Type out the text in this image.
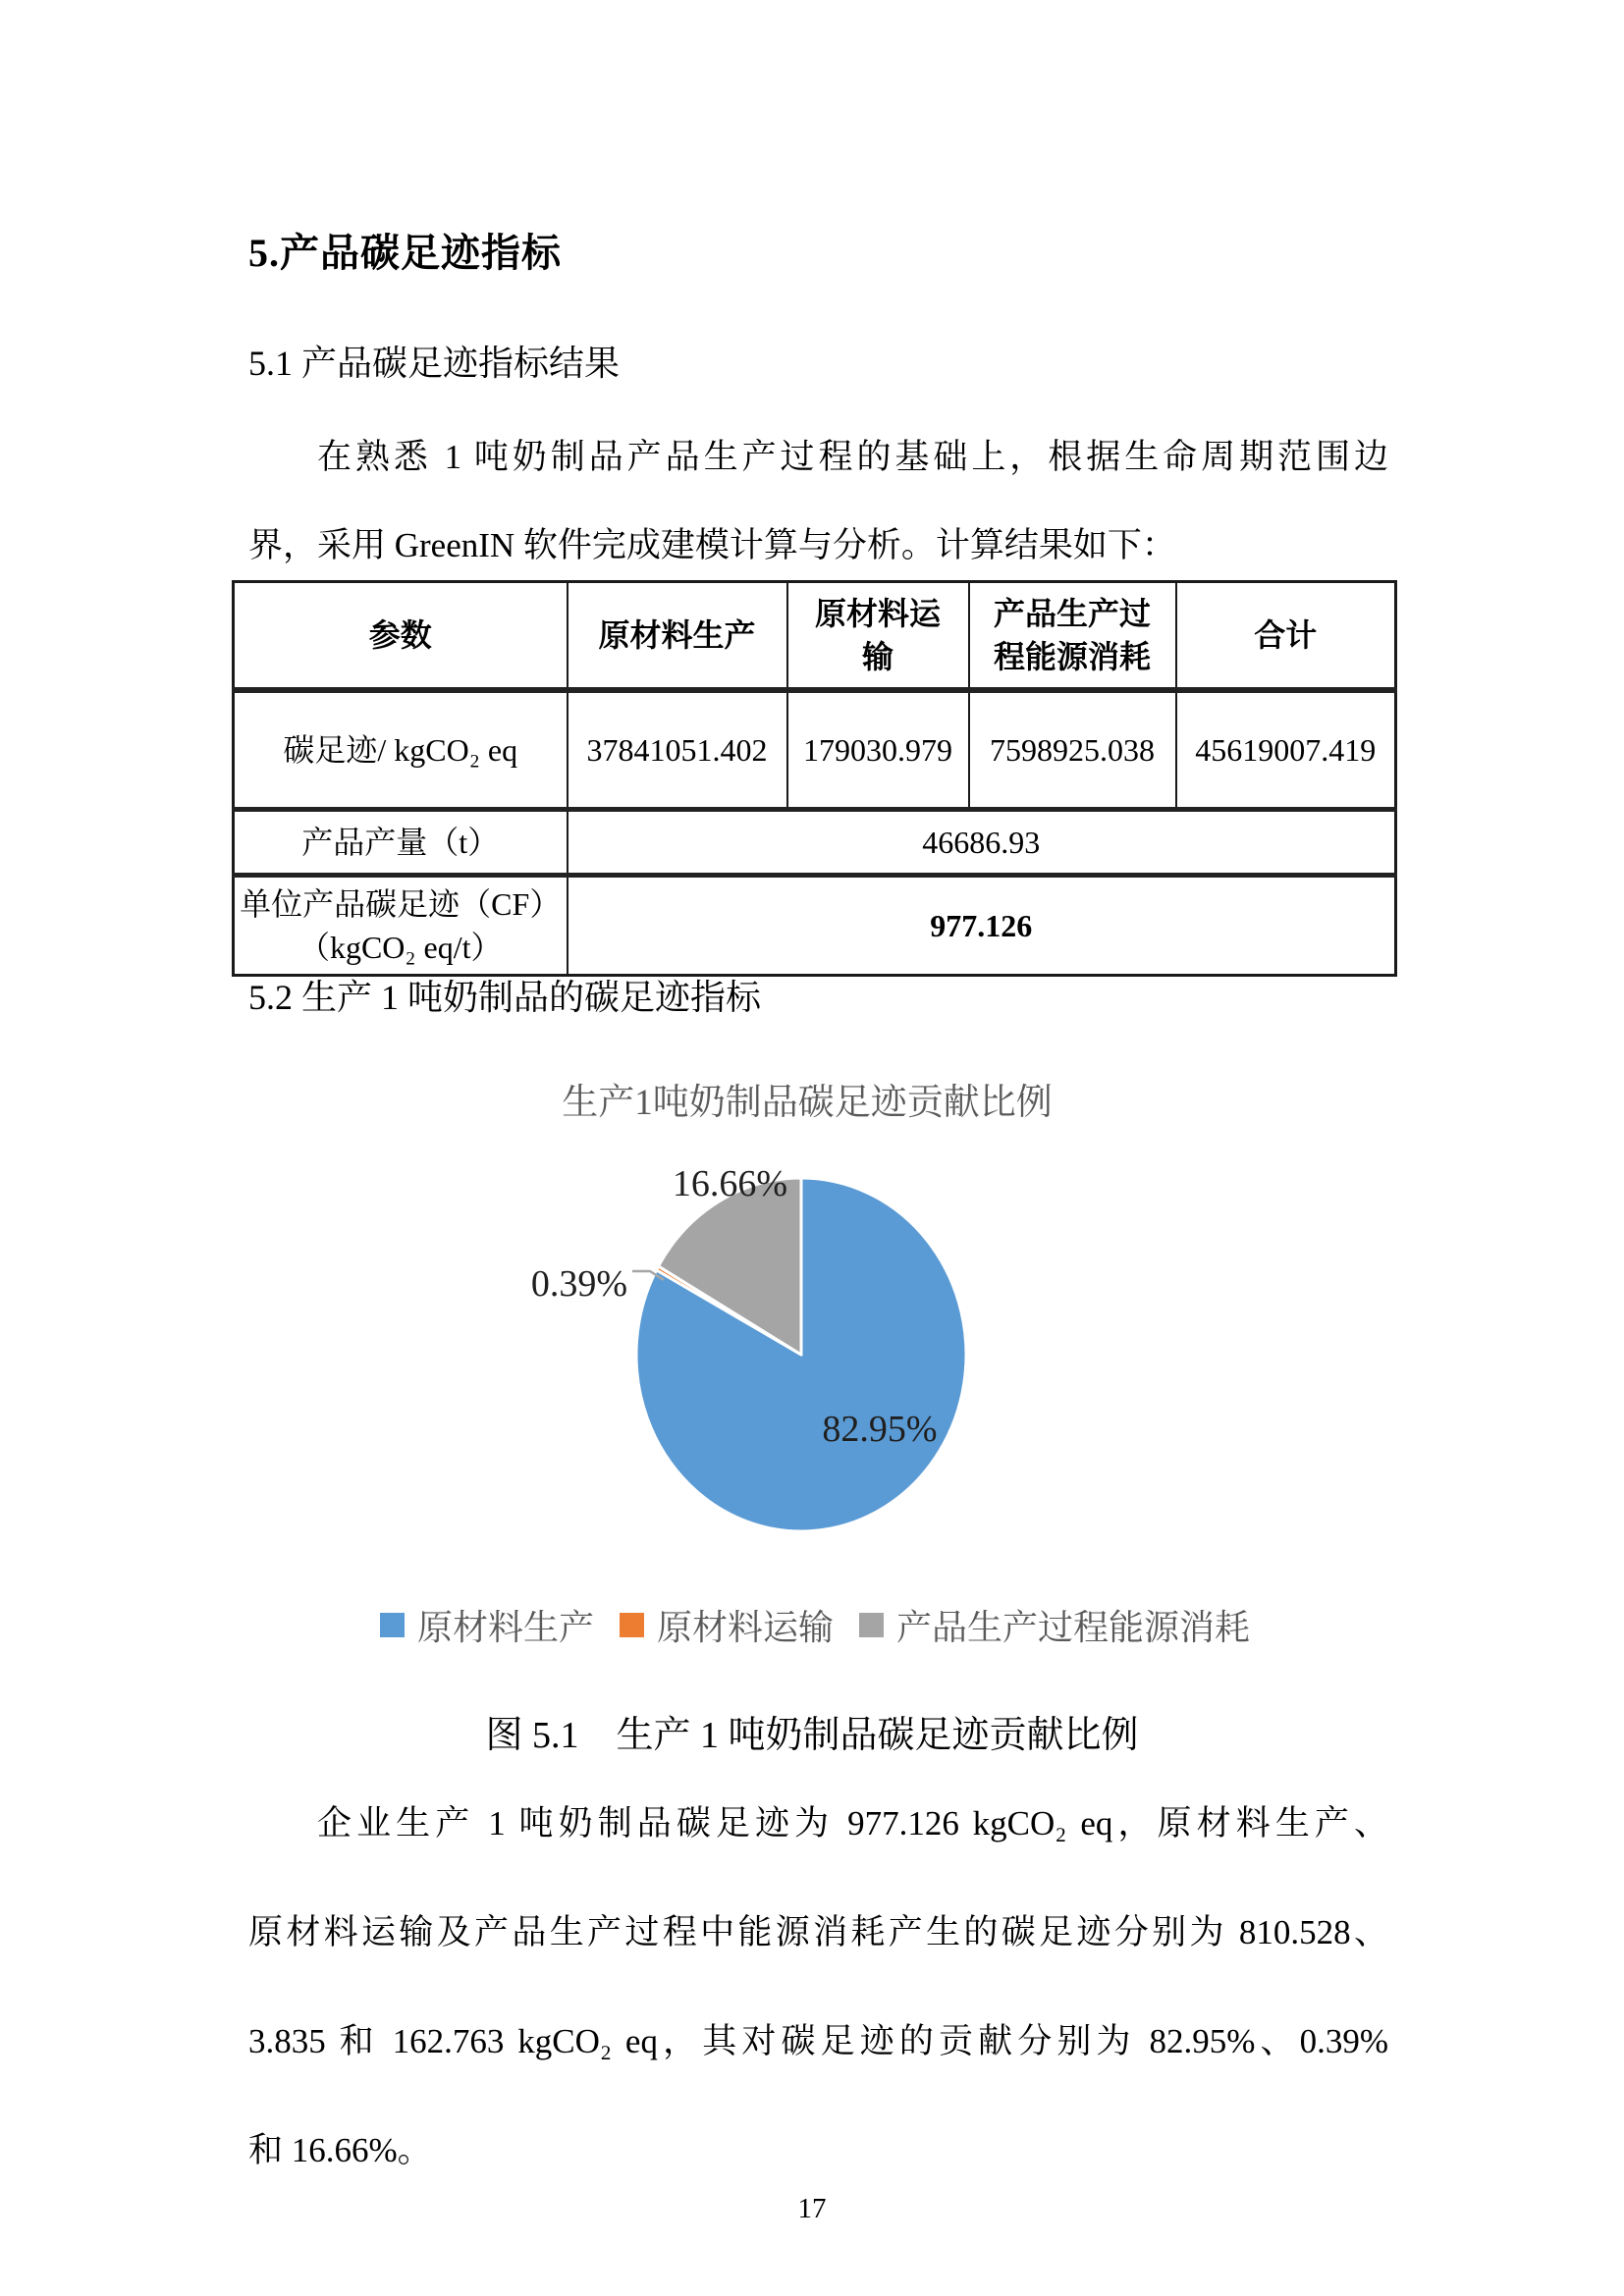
5.产品碳足迹指标
5.1 产品碳足迹指标结果
在熟悉 1 吨奶制品产品生产过程的基础上，根据生命周期范围边
界，采用 GreenIN 软件完成建模计算与分析。计算结果如下：
参数	原材料生产	原材料运输	产品生产过程能源消耗	合计
碳足迹/ kgCO₂ eq	37841051.402	179030.979	7598925.038	45619007.419
产品产量（t）	46686.93			
单位产品碳足迹（CF）（kgCO₂ eq/t）	977.126			
5.2 生产 1 吨奶制品的碳足迹指标
生产1吨奶制品碳足迹贡献比例
16.66%
0.39%
82.95%
原材料生产 原材料运输 产品生产过程能源消耗
图 5.1　生产 1 吨奶制品碳足迹贡献比例
企业生产 1 吨奶制品碳足迹为 977.126 kgCO₂ eq，原材料生产、
原材料运输及产品生产过程中能源消耗产生的碳足迹分别为 810.528、
3.835 和 162.763 kgCO₂ eq，其对碳足迹的贡献分别为 82.95%、0.39%
和 16.66%。
17
